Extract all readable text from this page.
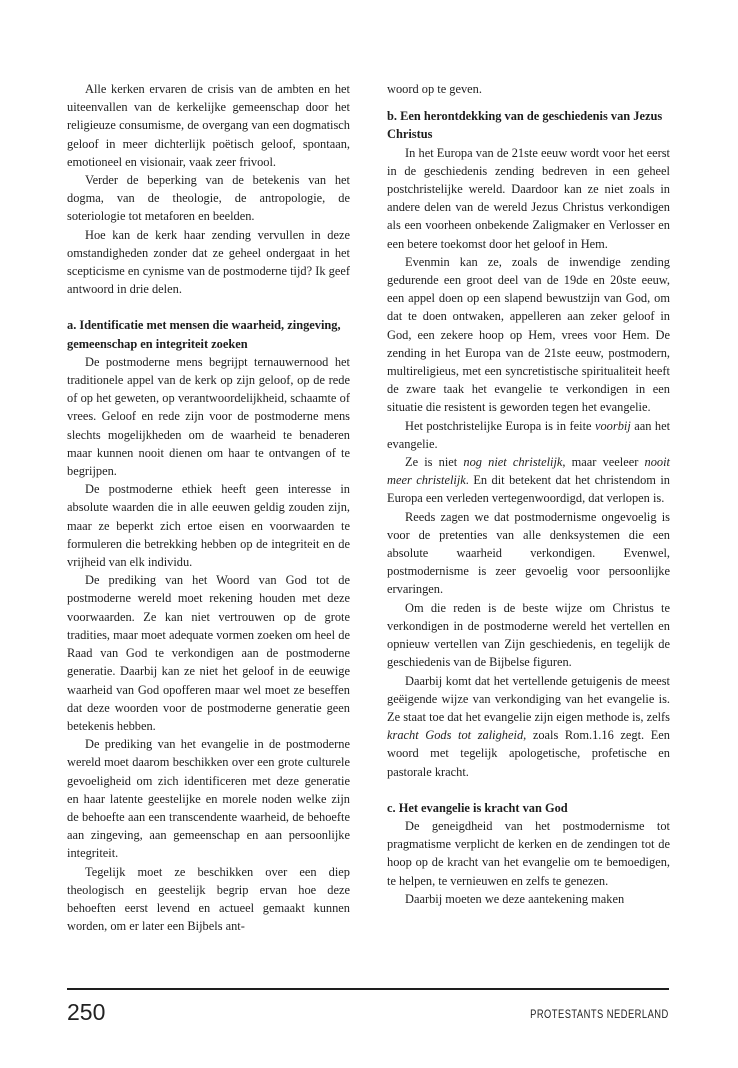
Alle kerken ervaren de crisis van de ambten en het uiteenvallen van de kerkelijke gemeenschap door het religieuze consumisme, de overgang van een dogmatisch geloof in meer dichterlijk poëtisch geloof, spontaan, emotioneel en visionair, vaak zeer frivool.

Verder de beperking van de betekenis van het dogma, van de theologie, de antropologie, de soteriologie tot metaforen en beelden.

Hoe kan de kerk haar zending vervullen in deze omstandigheden zonder dat ze geheel ondergaat in het scepticisme en cynisme van de postmoderne tijd? Ik geef antwoord in drie delen.

a. Identificatie met mensen die waarheid, zingeving, gemeenschap en integriteit zoeken

De postmoderne mens begrijpt ternauwernood het traditionele appel van de kerk op zijn geloof, op de rede of op het geweten, op verantwoordelijkheid, schaamte of vrees. Geloof en rede zijn voor de postmoderne mens slechts mogelijkheden om de waarheid te benaderen maar kunnen nooit dienen om haar te ontvangen of te begrijpen.

De postmoderne ethiek heeft geen interesse in absolute waarden die in alle eeuwen geldig zouden zijn, maar ze beperkt zich ertoe eisen en voorwaarden te formuleren die betrekking hebben op de integriteit en de vrijheid van elk individu.

De prediking van het Woord van God tot de postmoderne wereld moet rekening houden met deze voorwaarden. Ze kan niet vertrouwen op de grote tradities, maar moet adequate vormen zoeken om heel de Raad van God te verkondigen aan de postmoderne generatie. Daarbij kan ze niet het geloof in de eeuwige waarheid van God opofferen maar wel moet ze beseffen dat deze woorden voor de postmoderne generatie geen betekenis hebben.

De prediking van het evangelie in de postmoderne wereld moet daarom beschikken over een grote culturele gevoeligheid om zich identificeren met deze generatie en haar latente geestelijke en morele noden welke zijn de behoefte aan een transcendente waarheid, de behoefte aan zingeving, aan gemeenschap en aan persoonlijke integriteit.

Tegelijk moet ze beschikken over een diep theologisch en geestelijk begrip ervan hoe deze behoeften eerst levend en actueel gemaakt kunnen worden, om er later een Bijbels ant-

woord op te geven.

b. Een herontdekking van de geschiedenis van Jezus Christus

In het Europa van de 21ste eeuw wordt voor het eerst in de geschiedenis zending bedreven in een geheel postchristelijke wereld. Daardoor kan ze niet zoals in andere delen van de wereld Jezus Christus verkondigen als een voorheen onbekende Zaligmaker en Verlosser en een betere toekomst door het geloof in Hem.

Evenmin kan ze, zoals de inwendige zending gedurende een groot deel van de 19de en 20ste eeuw, een appel doen op een slapend bewustzijn van God, om dat te doen ontwaken, appelleren aan zeker geloof in God, een zekere hoop op Hem, vrees voor Hem. De zending in het Europa van de 21ste eeuw, postmodern, multireligieus, met een syncretistische spiritualiteit heeft de zware taak het evangelie te verkondigen in een situatie die resistent is geworden tegen het evangelie.

Het postchristelijke Europa is in feite voorbij aan het evangelie.

Ze is niet nog niet christelijk, maar veeleer nooit meer christelijk. En dit betekent dat het christendom in Europa een verleden vertegenwoordigd, dat verlopen is.

Reeds zagen we dat postmodernisme ongevoelig is voor de pretenties van alle denksystemen die een absolute waarheid verkondigen. Evenwel, postmodernisme is zeer gevoelig voor persoonlijke ervaringen.

Om die reden is de beste wijze om Christus te verkondigen in de postmoderne wereld het vertellen en opnieuw vertellen van Zijn geschiedenis, en tegelijk de geschiedenis van de Bijbelse figuren.

Daarbij komt dat het vertellende getuigenis de meest geëigende wijze van verkondiging van het evangelie is. Ze staat toe dat het evangelie zijn eigen methode is, zelfs kracht Gods tot zaligheid, zoals Rom.1.16 zegt. Een woord met tegelijk apologetische, profetische en pastorale kracht.

c. Het evangelie is kracht van God

De geneigdheid van het postmodernisme tot pragmatisme verplicht de kerken en de zendingen tot de hoop op de kracht van het evangelie om te bemoedigen, te helpen, te vernieuwen en zelfs te genezen.

Daarbij moeten we deze aantekening maken

250	PROTESTANTS NEDERLAND
